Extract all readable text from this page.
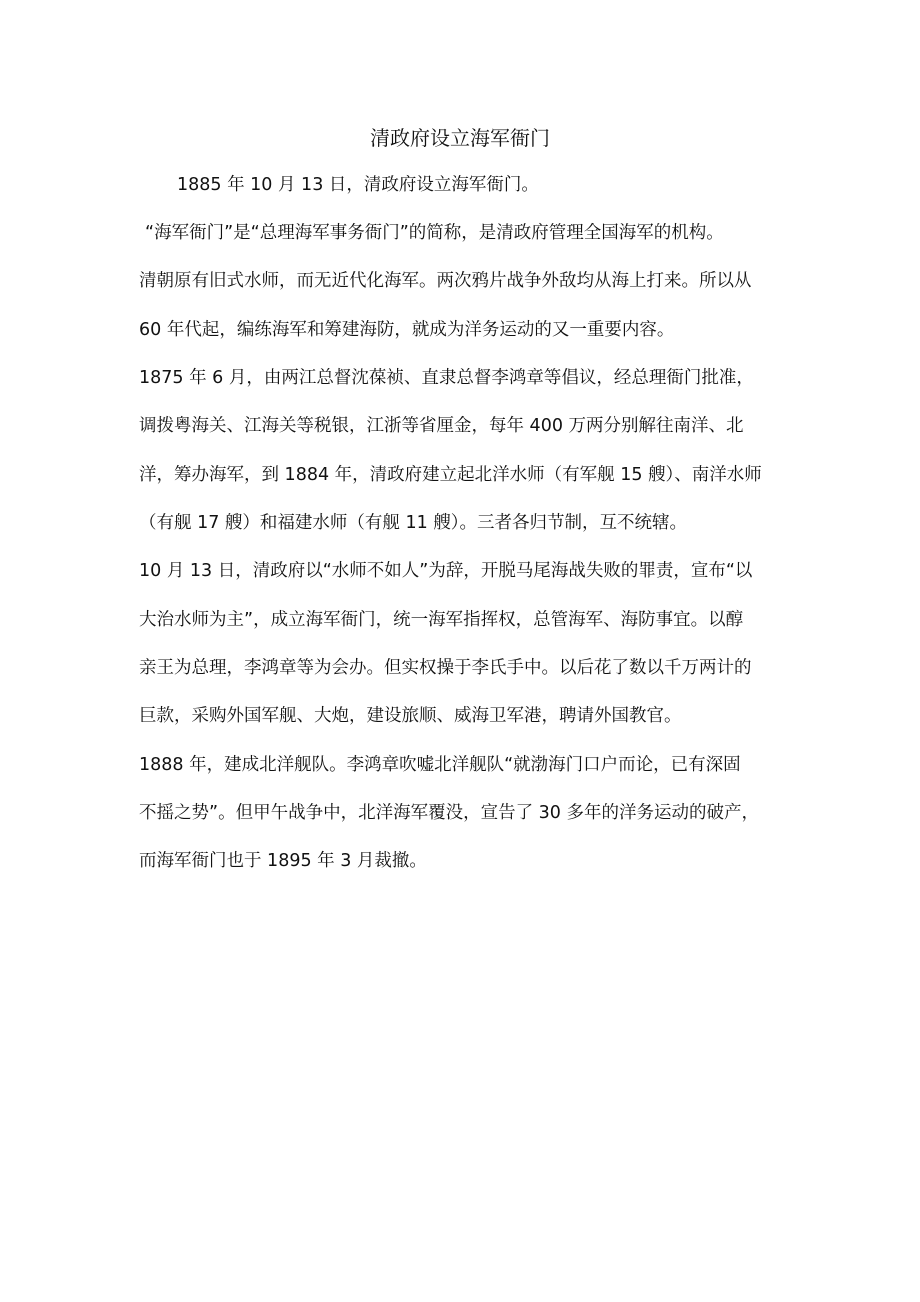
清政府设立海军衙门

1885 年 10 月 13 日，清政府设立海军衙门。

“海军衙门”是“总理海军事务衙门”的简称，是清政府管理全国海军的机构。

清朝原有旧式水师，而无近代化海军。两次鸦片战争外敌均从海上打来。所以从

60 年代起，编练海军和筹建海防，就成为洋务运动的又一重要内容。

1875 年 6 月，由两江总督沈葆祯、直隶总督李鸿章等倡议，经总理衙门批准，

调拨粤海关、江海关等税银，江浙等省厘金，每年 400 万两分别解往南洋、北

洋，筹办海军，到 1884 年，清政府建立起北洋水师（有军舰 15 艘）、南洋水师

（有舰 17 艘）和福建水师（有舰 11 艘）。三者各归节制，互不统辖。

10 月 13 日，清政府以“水师不如人”为辞，开脱马尾海战失败的罪责，宣布“以

大治水师为主”，成立海军衙门，统一海军指挥权，总管海军、海防事宜。以醇

亲王为总理，李鸿章等为会办。但实权操于李氏手中。以后花了数以千万两计的

巨款，采购外国军舰、大炮，建设旅顺、威海卫军港，聘请外国教官。

1888 年，建成北洋舰队。李鸿章吹嘘北洋舰队“就渤海门口户而论，已有深固

不摇之势”。但甲午战争中，北洋海军覆没，宣告了 30 多年的洋务运动的破产，

而海军衙门也于 1895 年 3 月裁撤。
